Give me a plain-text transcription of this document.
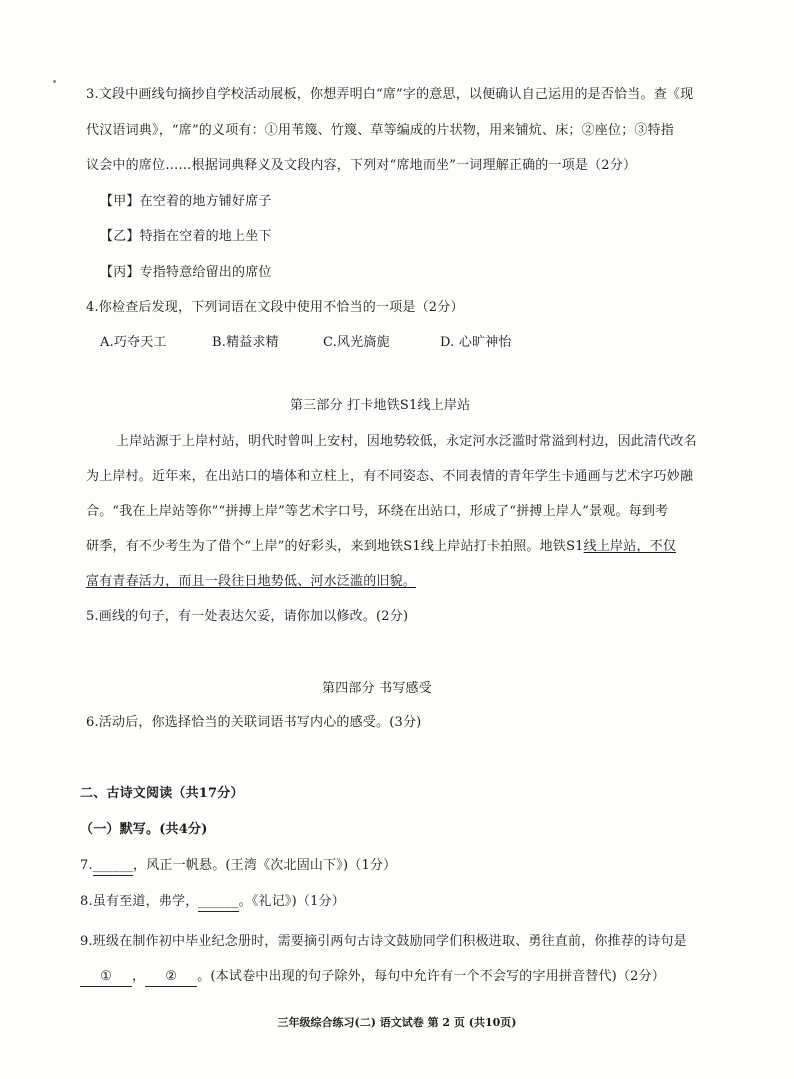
3.文段中画线句摘抄自学校活动展板，你想弄明白“席”字的意思，以便确认自己运用的是否恰当。查《现
代汉语词典》，“席”的义项有：①用苇篾、竹篾、草等编成的片状物，用来铺炕、床；②座位；③特指
议会中的席位……根据词典释义及文段内容，下列对“席地而坐”一词理解正确的一项是（2分）
【甲】在空着的地方铺好席子
【乙】特指在空着的地上坐下
【丙】专指特意给留出的席位
4.你检查后发现，下列词语在文段中使用不恰当的一项是（2分）
A.巧夺天工	B.精益求精	C.风光旖旎	D. 心旷神怡
第三部分 打卡地铁S1线上岸站
上岸站源于上岸村站，明代时曾叫上安村，因地势较低，永定河水泛滥时常溢到村边，因此清代改名
为上岸村。近年来，在出站口的墙体和立柱上，有不同姿态、不同表情的青年学生卡通画与艺术字巧妙融
合。“我在上岸站等你”“拼搏上岸”等艺术字口号，环绕在出站口，形成了“拼搏上岸人”景观。每到考
研季，有不少考生为了借个“上岸”的好彩头，来到地铁S1线上岸站打卡拍照。地铁S1线上岸站，不仅
富有青春活力，而且一段往日地势低、河水泛滥的旧貌。
5.画线的句子，有一处表达欠妥，请你加以修改。(2分)
第四部分 书写感受
6.活动后，你选择恰当的关联词语书写内心的感受。(3分)
二、古诗文阅读（共17分）
（一）默写。(共4分)
7.______，风正一帆悬。(王湾《次北固山下》)（1分）
8.虽有至道，弗学，______。《礼记》)（1分）
9.班级在制作初中毕业纪念册时，需要摘引两句古诗文鼓励同学们积极进取、勇往直前，你推荐的诗句是
① ， ② 。(本试卷中出现的句子除外，每句中允许有一个不会写的字用拼音替代)（2分）
三年级综合练习(二) 语文试卷 第 2 页 (共10页)
